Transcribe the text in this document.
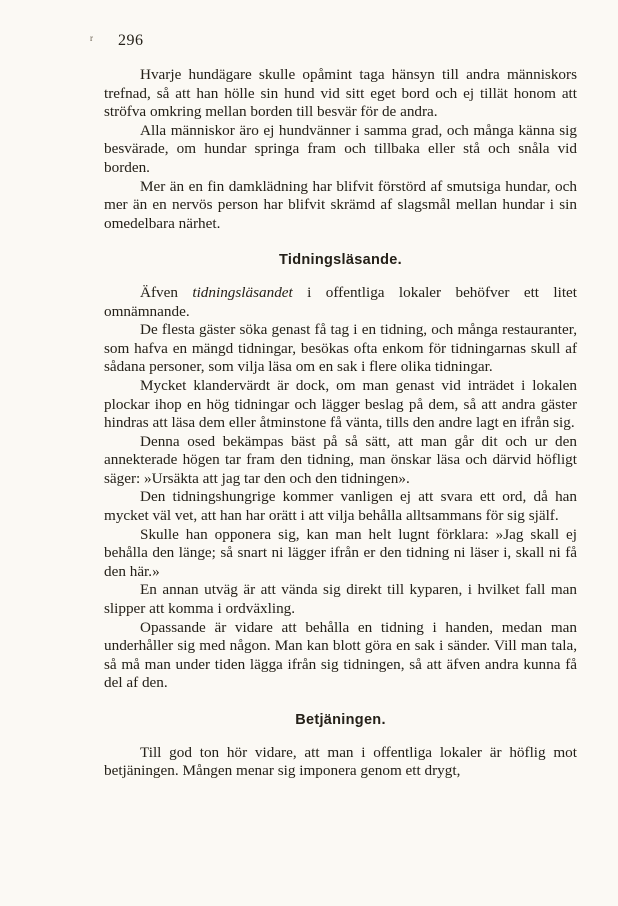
r 296

Hvarje hundägare skulle opåmint taga hänsyn till andra människors trefnad, så att han hölle sin hund vid sitt eget bord och ej tillät honom att ströfva omkring mellan borden till besvär för de andra.

Alla människor äro ej hundvänner i samma grad, och många känna sig besvärade, om hundar springa fram och tillbaka eller stå och snåla vid borden.

Mer än en fin damklädning har blifvit förstörd af smutsiga hundar, och mer än en nervös person har blifvit skrämd af slagsmål mellan hundar i sin omedelbara närhet.

Tidningsläsande.

Äfven tidningsläsandet i offentliga lokaler behöfver ett litet omnämnande.

De flesta gäster söka genast få tag i en tidning, och många restauranter, som hafva en mängd tidningar, besökas ofta enkom för tidningarnas skull af sådana personer, som vilja läsa om en sak i flere olika tidningar.

Mycket klandervärdt är dock, om man genast vid inträdet i lokalen plockar ihop en hög tidningar och lägger beslag på dem, så att andra gäster hindras att läsa dem eller åtminstone få vänta, tills den andre lagt en ifrån sig.

Denna osed bekämpas bäst på så sätt, att man går dit och ur den annekterade högen tar fram den tidning, man önskar läsa och därvid höfligt säger: »Ursäkta att jag tar den och den tidningen».

Den tidningshungrige kommer vanligen ej att svara ett ord, då han mycket väl vet, att han har orätt i att vilja behålla alltsammans för sig själf.

Skulle han opponera sig, kan man helt lugnt förklara: »Jag skall ej behålla den länge; så snart ni lägger ifrån er den tidning ni läser i, skall ni få den här.»

En annan utväg är att vända sig direkt till kyparen, i hvilket fall man slipper att komma i ordväxling.

Opassande är vidare att behålla en tidning i handen, medan man underhåller sig med någon. Man kan blott göra en sak i sänder. Vill man tala, så må man under tiden lägga ifrån sig tidningen, så att äfven andra kunna få del af den.

Betjäningen.

Till god ton hör vidare, att man i offentliga lokaler är höflig mot betjäningen. Mången menar sig imponera genom ett drygt,
